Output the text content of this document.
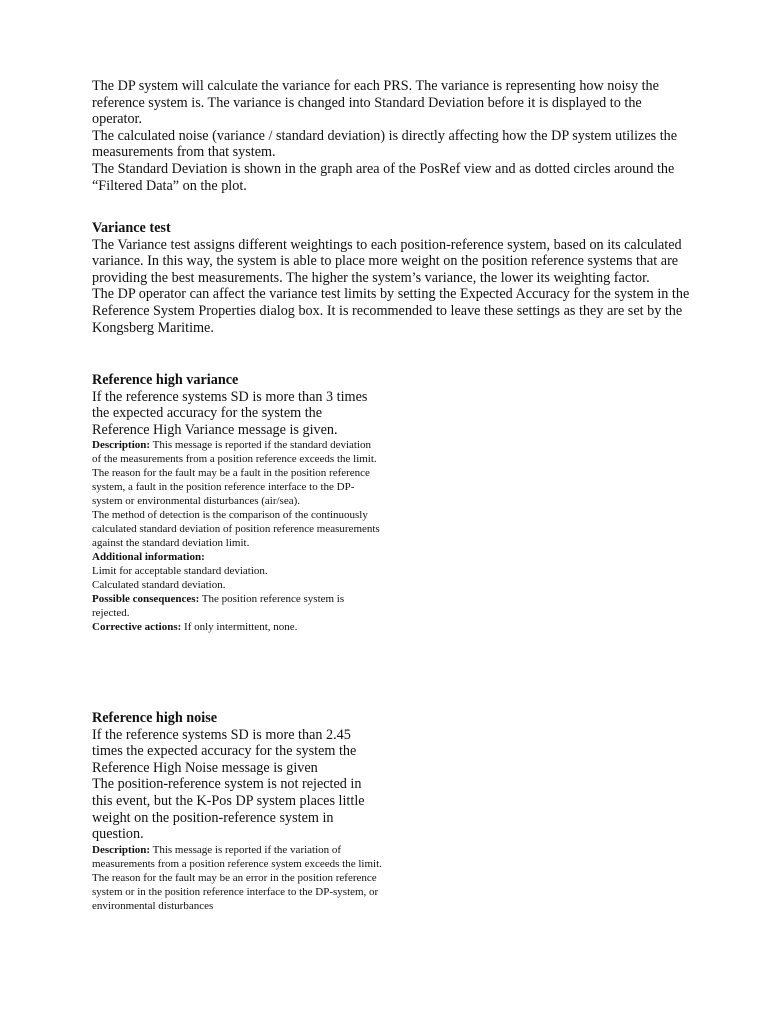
The DP system will calculate the variance for each PRS. The variance is representing how noisy the reference system is. The variance is changed into Standard Deviation before it is displayed to the operator.

The calculated noise (variance / standard deviation) is directly affecting how the DP system utilizes the measurements from that system.

The Standard Deviation is shown in the graph area of the PosRef view and as dotted circles around the “Filtered Data” on the plot.

Variance test

The Variance test assigns different weightings to each position-reference system, based on its calculated variance. In this way, the system is able to place more weight on the position reference systems that are providing the best measurements. The higher the system’s variance, the lower its weighting factor.

The DP operator can affect the variance test limits by setting the Expected Accuracy for the system in the Reference System Properties dialog box. It is recommended to leave these settings as they are set by the Kongsberg Maritime.

Reference high variance

If the reference systems SD is more than 3 times the expected accuracy for the system the Reference High Variance message is given.

Description: This message is reported if the standard deviation of the measurements from a position reference exceeds the limit.

The reason for the fault may be a fault in the position reference system, a fault in the position reference interface to the DP-system or environmental disturbances (air/sea).

The method of detection is the comparison of the continuously calculated standard deviation of position reference measurements against the standard deviation limit.

Additional information:

Limit for acceptable standard deviation.

Calculated standard deviation.

Possible consequences: The position reference system is rejected.

Corrective actions: If only intermittent, none.

Reference high noise

If the reference systems SD is more than 2.45 times the expected accuracy for the system the Reference High Noise message is given

The position-reference system is not rejected in this event, but the K-Pos DP system places little weight on the position-reference system in question.

Description: This message is reported if the variation of measurements from a position reference system exceeds the limit.

The reason for the fault may be an error in the position reference system or in the position reference interface to the DP-system, or environmental disturbances
